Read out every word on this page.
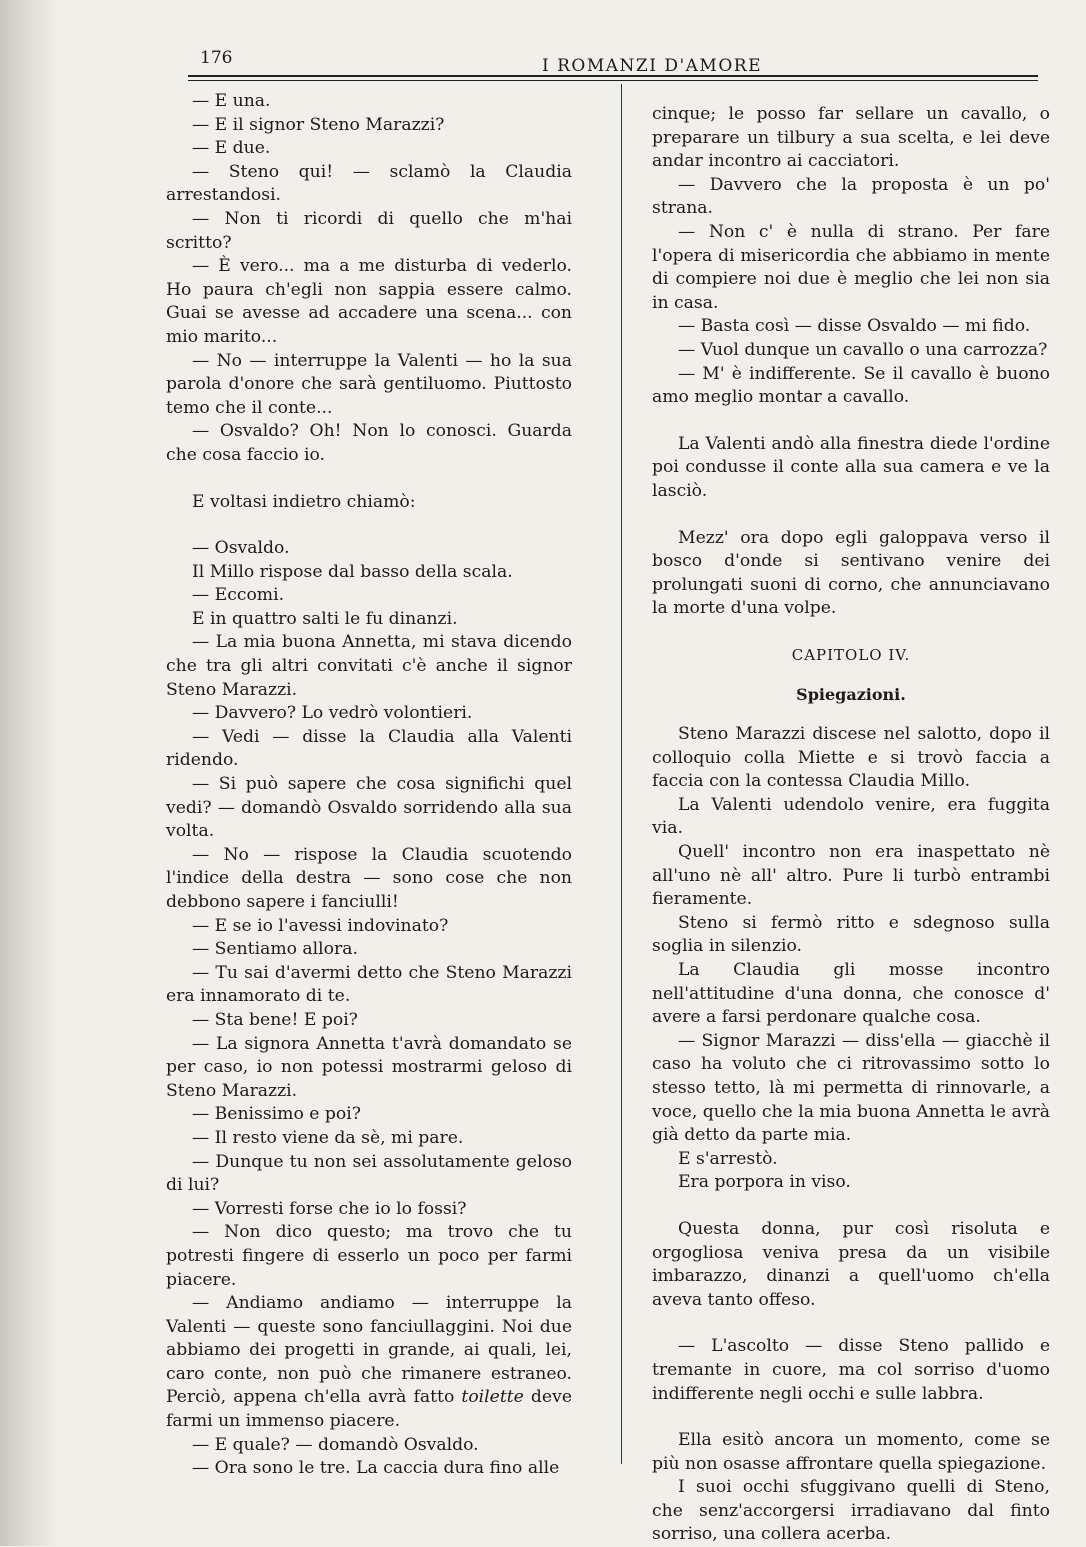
176	I ROMANZI D'AMORE

— E una.

— E il signor Steno Marazzi?

— E due.

— Steno qui! — sclamò la Claudia arrestandosi.

— Non ti ricordi di quello che m'hai scritto?

— È vero... ma a me disturba di vederlo. Ho paura ch'egli non sappia essere calmo. Guai se avesse ad accadere una scena... con mio marito...

— No — interruppe la Valenti — ho la sua parola d'onore che sarà gentiluomo. Piuttosto temo che il conte...

— Osvaldo? Oh! Non lo conosci. Guarda che cosa faccio io.

E voltasi indietro chiamò:

— Osvaldo.

Il Millo rispose dal basso della scala.

— Eccomi.

E in quattro salti le fu dinanzi.

— La mia buona Annetta, mi stava dicendo che tra gli altri convitati c'è anche il signor Steno Marazzi.

— Davvero? Lo vedrò volontieri.

— Vedi — disse la Claudia alla Valenti ridendo.

— Si può sapere che cosa significhi quel vedi? — domandò Osvaldo sorridendo alla sua volta.

— No — rispose la Claudia scuotendo l'indice della destra — sono cose che non debbono sapere i fanciulli!

— E se io l'avessi indovinato?

— Sentiamo allora.

— Tu sai d'avermi detto che Steno Marazzi era innamorato di te.

— Sta bene! E poi?

— La signora Annetta t'avrà domandato se per caso, io non potessi mostrarmi geloso di Steno Marazzi.

— Benissimo e poi?

— Il resto viene da sè, mi pare.

— Dunque tu non sei assolutamente geloso di lui?

— Vorresti forse che io lo fossi?

— Non dico questo; ma trovo che tu potresti fingere di esserlo un poco per farmi piacere.

— Andiamo andiamo — interruppe la Valenti — queste sono fanciullaggini. Noi due abbiamo dei progetti in grande, ai quali, lei, caro conte, non può che rimanere estraneo. Perciò, appena ch'ella avrà fatto toilette deve farmi un immenso piacere.

— E quale? — domandò Osvaldo.

— Ora sono le tre. La caccia dura fino alle

cinque; le posso far sellare un cavallo, o preparare un tilbury a sua scelta, e lei deve andar incontro ai cacciatori.

— Davvero che la proposta è un po' strana.

— Non c' è nulla di strano. Per fare l'opera di misericordia che abbiamo in mente di compiere noi due è meglio che lei non sia in casa.

— Basta così — disse Osvaldo — mi fido.

— Vuol dunque un cavallo o una carrozza?

— M' è indifferente. Se il cavallo è buono amo meglio montar a cavallo.

La Valenti andò alla finestra diede l'ordine poi condusse il conte alla sua camera e ve la lasciò.

Mezz' ora dopo egli galoppava verso il bosco d'onde si sentivano venire dei prolungati suoni di corno, che annunciavano la morte d'una volpe.

CAPITOLO IV.

Spiegazioni.

Steno Marazzi discese nel salotto, dopo il colloquio colla Miette e si trovò faccia a faccia con la contessa Claudia Millo.

La Valenti udendolo venire, era fuggita via.

Quell' incontro non era inaspettato nè all'uno nè all' altro. Pure li turbò entrambi fieramente.

Steno si fermò ritto e sdegnoso sulla soglia in silenzio.

La Claudia gli mosse incontro nell'attitudine d'una donna, che conosce d' avere a farsi perdonare qualche cosa.

— Signor Marazzi — diss'ella — giacchè il caso ha voluto che ci ritrovassimo sotto lo stesso tetto, là mi permetta di rinnovarle, a voce, quello che la mia buona Annetta le avrà già detto da parte mia.

E s'arrestò.

Era porpora in viso.

Questa donna, pur così risoluta e orgogliosa veniva presa da un visibile imbarazzo, dinanzi a quell'uomo ch'ella aveva tanto offeso.

— L'ascolto — disse Steno pallido e tremante in cuore, ma col sorriso d'uomo indifferente negli occhi e sulle labbra.

Ella esitò ancora un momento, come se più non osasse affrontare quella spiegazione.

I suoi occhi sfuggivano quelli di Steno, che senz'accorgersi irradiavano dal finto sorriso, una collera acerba.
